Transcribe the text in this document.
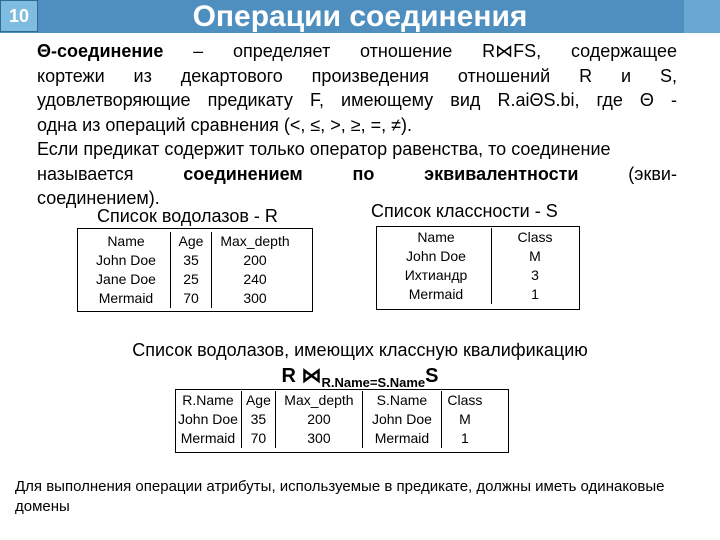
10	Операции соединения
Θ-соединение – определяет отношение R⋈FS, содержащее
кортежи из декартового произведения отношений R и S,
удовлетворяющие предикату F, имеющему вид R.aiΘS.bi, где Θ -
одна из операций сравнения (<, ≤, >, ≥, =, ≠).
Если предикат содержит только оператор равенства, то соединение
называется	соединением	по	эквивалентности	(экви-
соединением).
Список водолазов - R	Список классности - S
Name	Age	Max_depth
John Doe	35	200
Jane Doe	25	240
Mermaid	70	300
Name	Class
John Doe	M
Ихтиандр	3
Mermaid	1
Список водолазов, имеющих классную квалификацию
R $⋈_{R.Name=S.Name}S$
R.Name	Age	Max_depth	S.Name	Class
John Doe	35	200	John Doe	M
Mermaid	70	300	Mermaid	1
Для выполнения операции атрибуты, используемые в предикате, должны иметь одинаковые домены
